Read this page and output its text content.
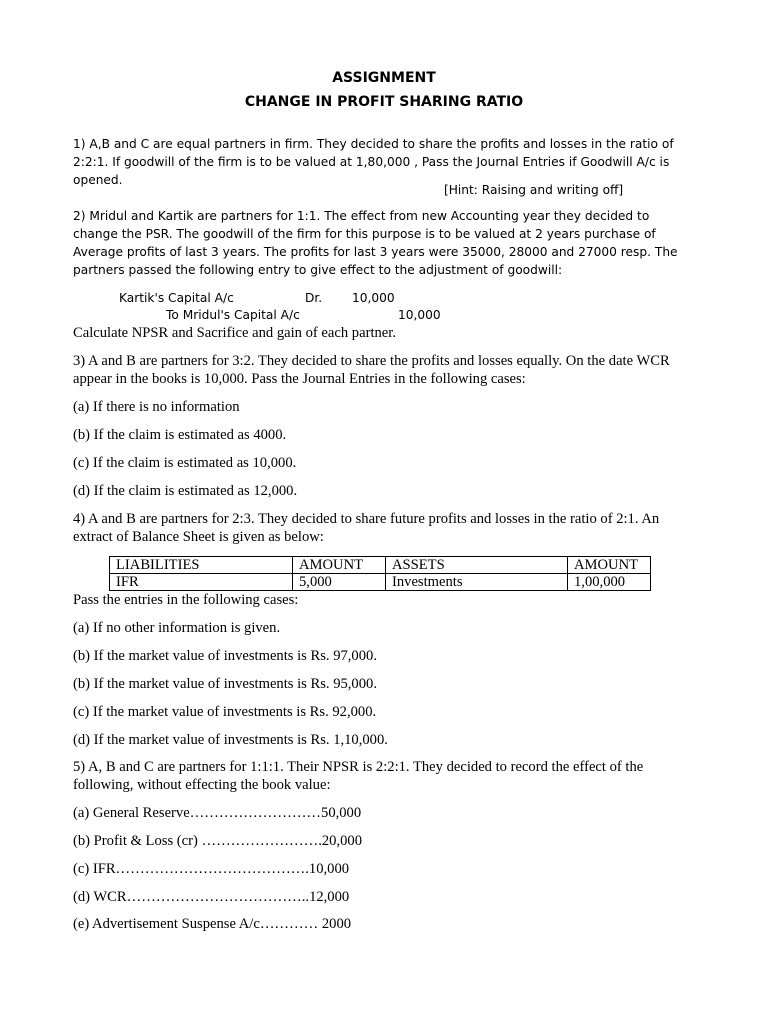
ASSIGNMENT
CHANGE IN PROFIT SHARING RATIO
1) A,B and C are equal partners in firm. They decided to share the profits and losses in the ratio of 2:2:1. If goodwill of the firm is to be valued at 1,80,000 , Pass the Journal Entries if Goodwill A/c is opened.
[Hint: Raising and writing off]
2) Mridul and Kartik are partners for 1:1. The effect from new Accounting year they decided to change the PSR. The goodwill of the firm for this purpose is to be valued at 2 years purchase of Average profits of last 3 years. The profits for last 3 years were 35000, 28000 and 27000 resp. The partners passed the following entry to give effect to the adjustment of goodwill:
Kartik's Capital A/c	Dr. 10,000
To Mridul's Capital A/c	10,000
Calculate NPSR and Sacrifice and gain of each partner.
3) A and B are partners for 3:2. They decided to share the profits and losses equally. On the date WCR appear in the books is 10,000. Pass the Journal Entries in the following cases:
(a) If there is no information
(b) If the claim is estimated as 4000.
(c) If the claim is estimated as 10,000.
(d) If the claim is estimated as 12,000.
4) A and B are partners for 2:3. They decided to share future profits and losses in the ratio of 2:1. An extract of Balance Sheet is given as below:
LIABILITIES	AMOUNT	ASSETS	AMOUNT
IFR	5,000	Investments	1,00,000
Pass the entries in the following cases:
(a) If no other information is given.
(b) If the market value of investments is Rs. 97,000.
(b) If the market value of investments is Rs. 95,000.
(c) If the market value of investments is Rs. 92,000.
(d) If the market value of investments is Rs. 1,10,000.
5) A, B and C are partners for 1:1:1. Their NPSR is 2:2:1. They decided to record the effect of the following, without effecting the book value:
(a) General Reserve………………………50,000
(b) Profit & Loss (cr) …………………….20,000
(c) IFR………………………………….10,000
(d) WCR………………………………..12,000
(e) Advertisement Suspense A/c………… 2000
